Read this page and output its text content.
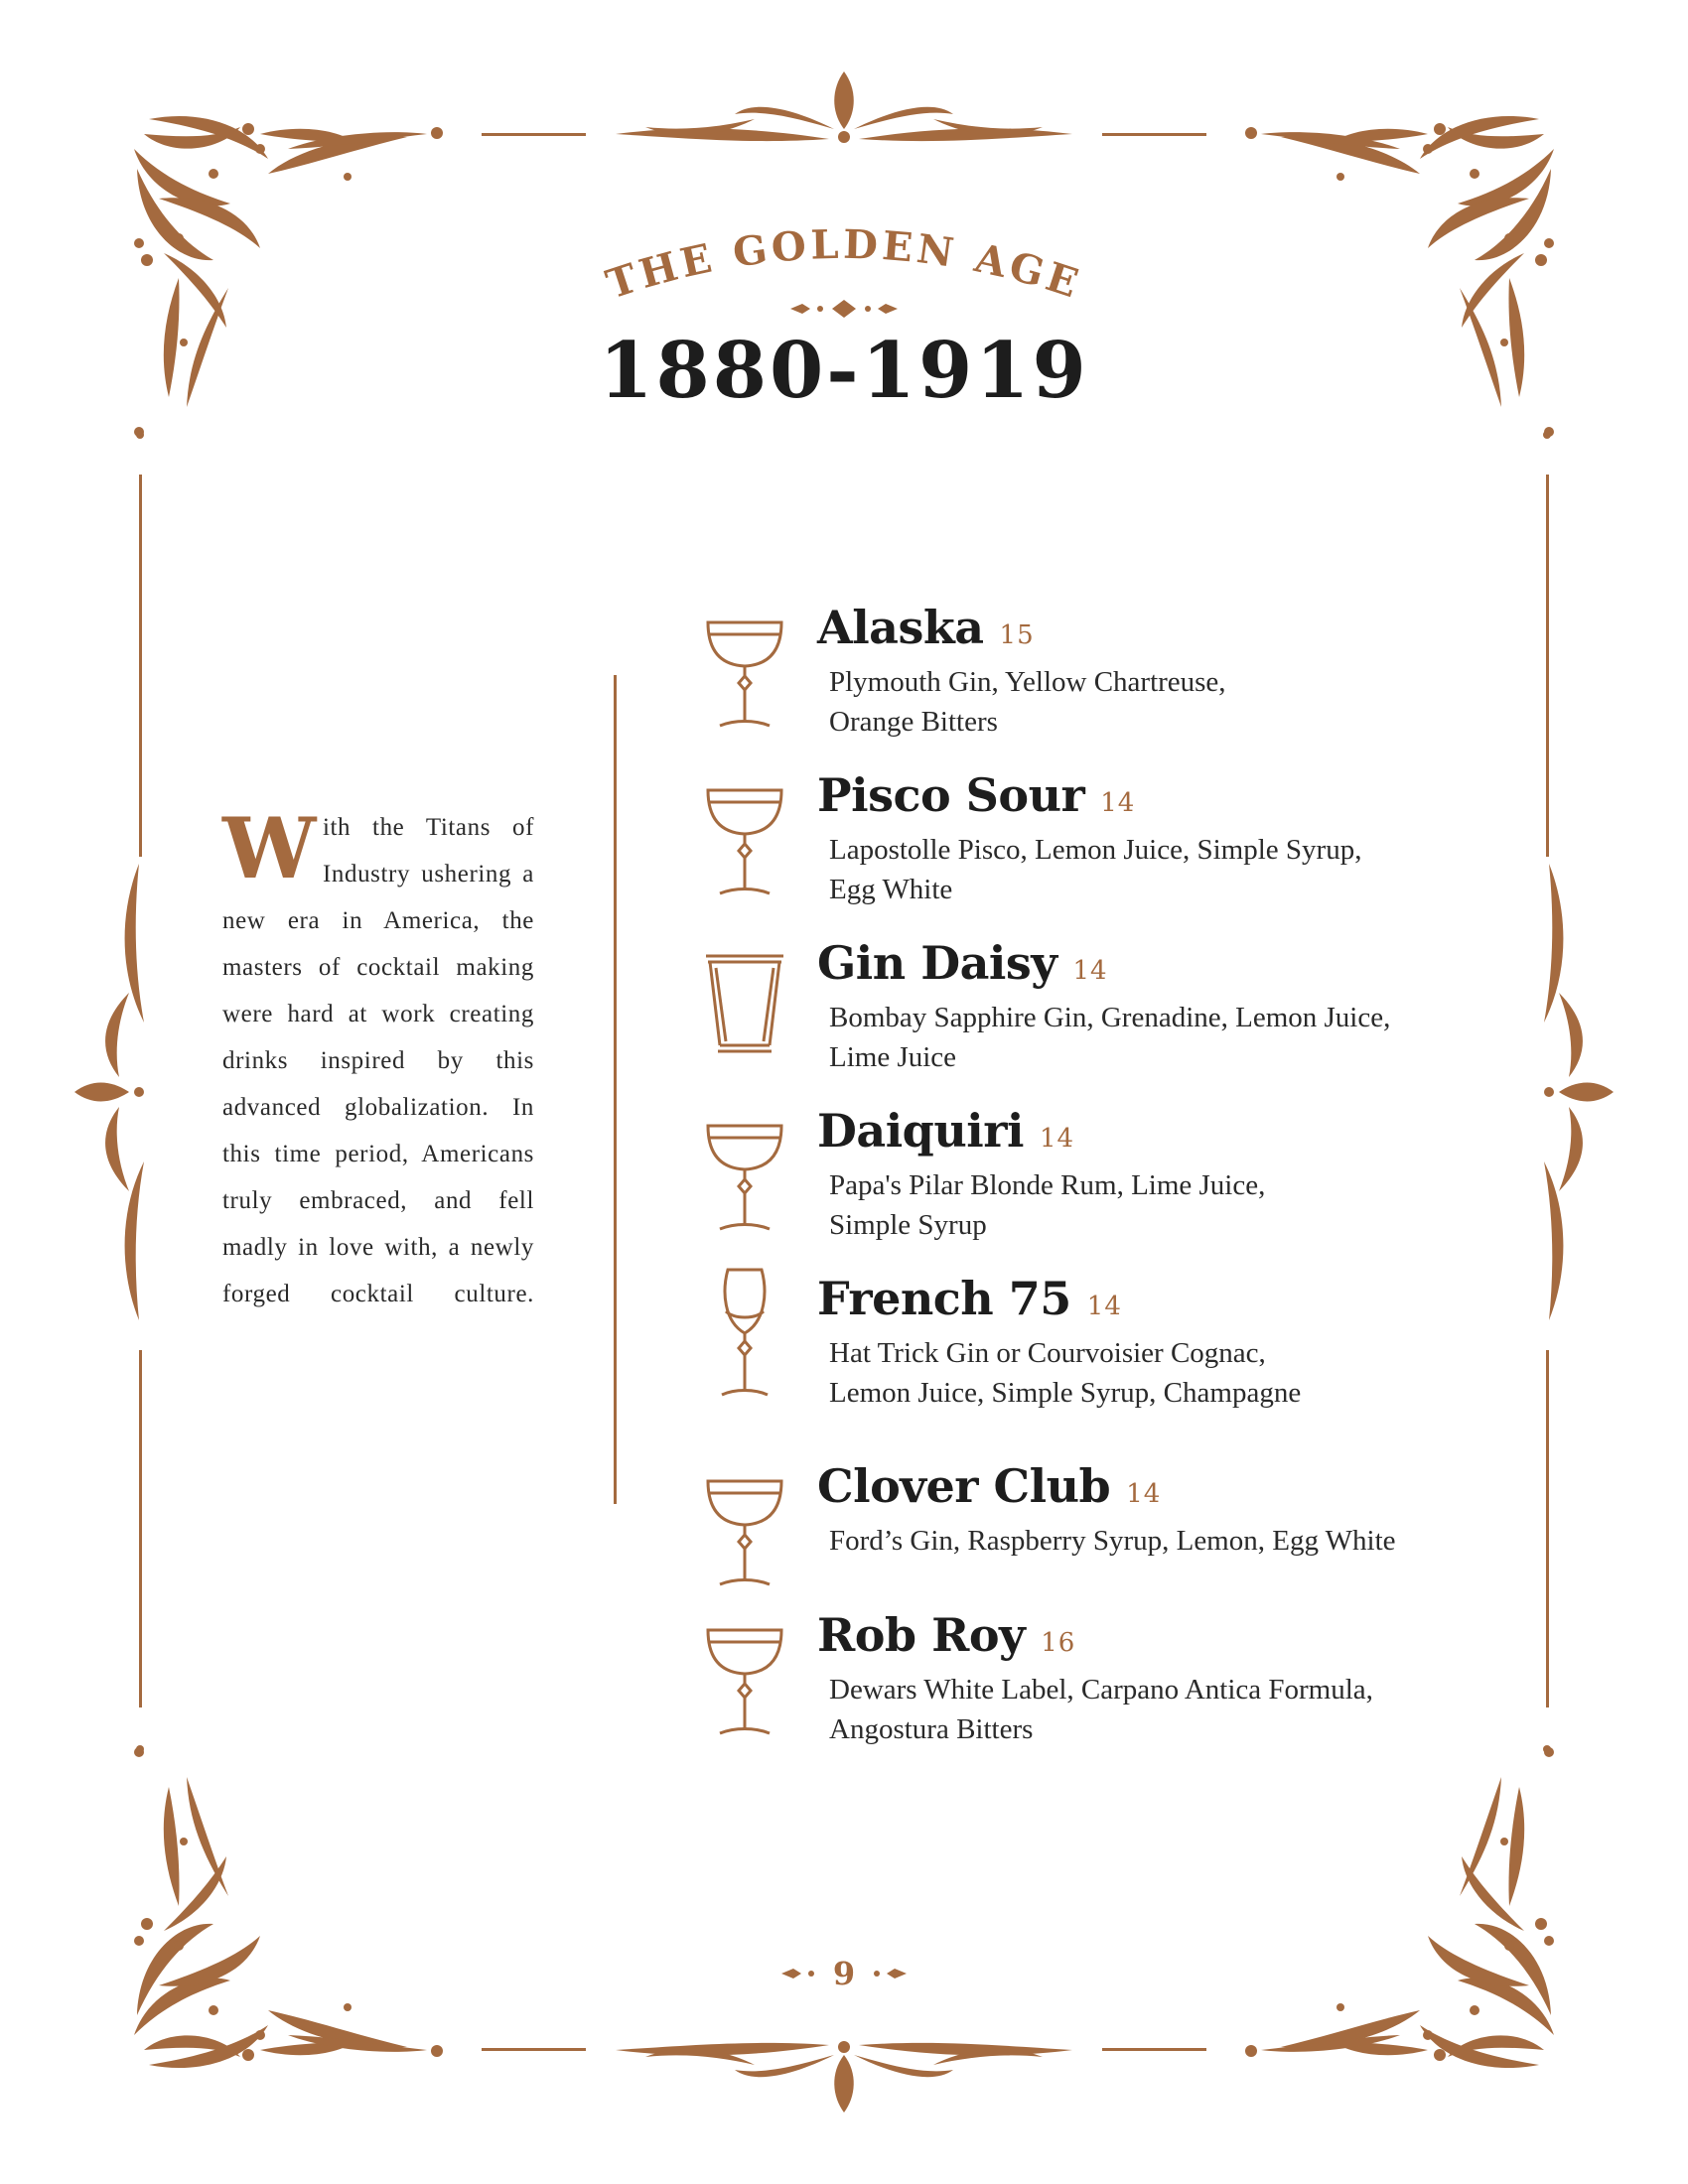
THE GOLDEN AGE
1880-1919
With the Titans of Industry ushering a new era in America, the masters of cocktail making were hard at work creating drinks inspired by this advanced globalization. In this time period, Americans truly embraced, and fell madly in love with, a newly forged cocktail culture.
Alaska 15
Plymouth Gin, Yellow Chartreuse,
Orange Bitters
Pisco Sour 14
Lapostolle Pisco, Lemon Juice, Simple Syrup,
Egg White
Gin Daisy 14
Bombay Sapphire Gin, Grenadine, Lemon Juice,
Lime Juice
Daiquiri 14
Papa's Pilar Blonde Rum, Lime Juice,
Simple Syrup
French 75 14
Hat Trick Gin or Courvoisier Cognac,
Lemon Juice, Simple Syrup, Champagne
Clover Club 14
Ford’s Gin, Raspberry Syrup, Lemon, Egg White
Rob Roy 16
Dewars White Label, Carpano Antica Formula,
Angostura Bitters
9
